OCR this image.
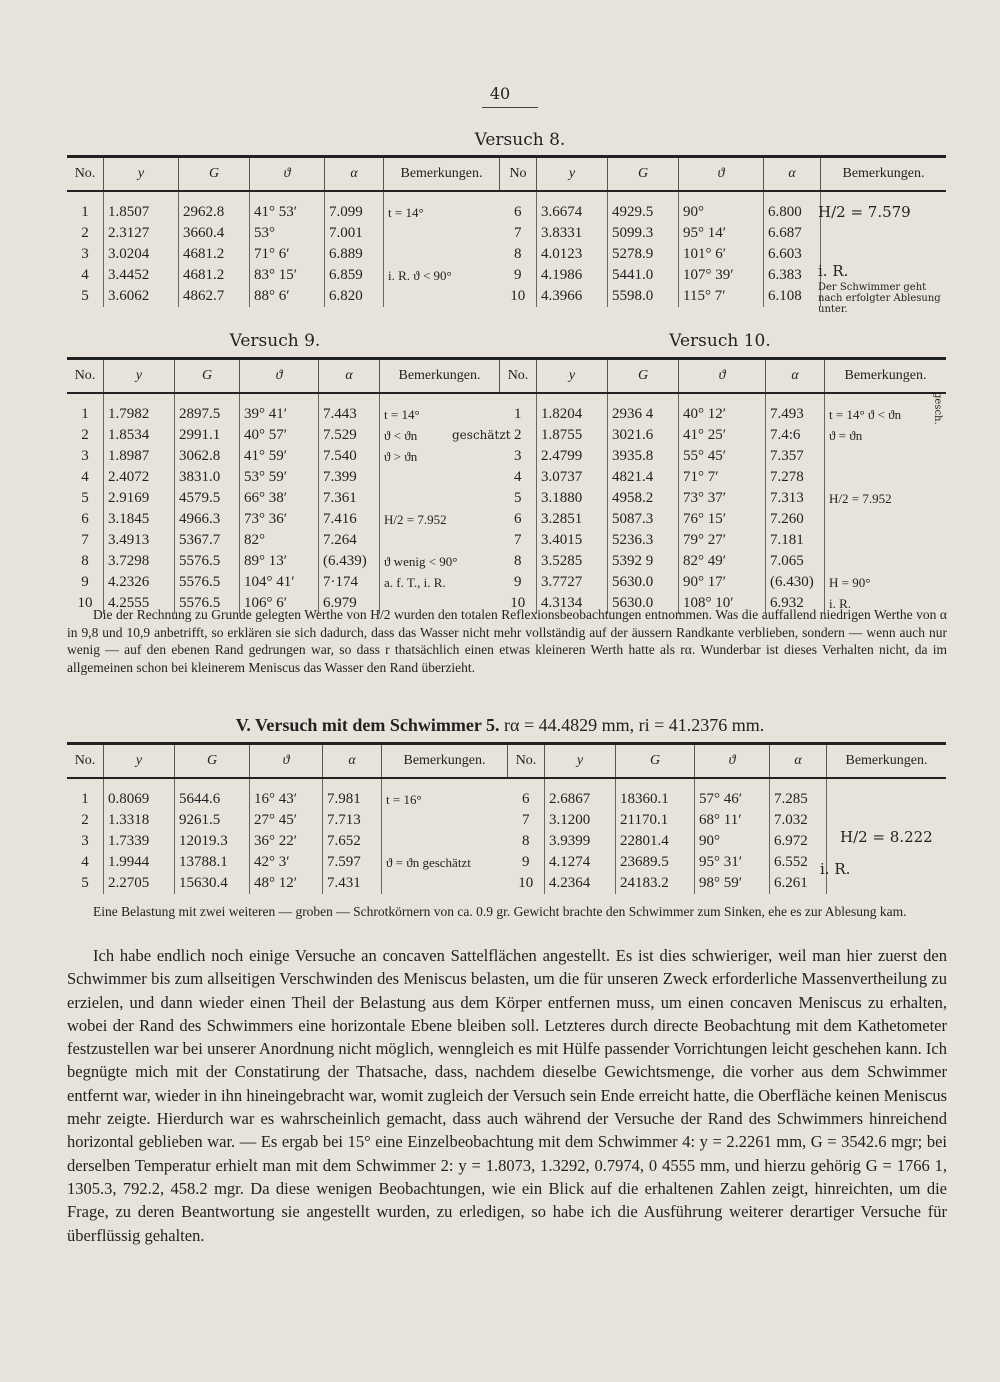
40
Versuch 8.
No.	y	G	ϑ	α	Bemerkungen.

1	1.8507	2962.8	41° 53′	7.099	t = 14°
2	2.3127	3660.4	53°	7.001	
3	3.0204	4681.2	71° 6′	6.889	
4	3.4452	4681.2	83° 15′	6.859	i. R. ϑ < 90°
5	3.6062	4862.7	88° 6′	6.820	
No	y	G	ϑ	α	Bemerkungen.

6	3.6674	4929.5	90°	6.800	
7	3.8331	5099.3	95° 14′	6.687	
8	4.0123	5278.9	101° 6′	6.603	
9	4.1986	5441.0	107° 39′	6.383	
10	4.3966	5598.0	115° 7′	6.108	
H/2 = 7.579
i. R.
Der Schwimmer geht nach erfolgter Ablesung unter.
Versuch 9.	Versuch 10.
No.	y	G	ϑ	α	Bemerkungen.

1	1.7982	2897.5	39° 41′	7.443	t = 14°
2	1.8534	2991.1	40° 57′	7.529	ϑ < ϑn
3	1.8987	3062.8	41° 59′	7.540	ϑ > ϑn
4	2.4072	3831.0	53° 59′	7.399	
5	2.9169	4579.5	66° 38′	7.361	
6	3.1845	4966.3	73° 36′	7.416	H/2 = 7.952
7	3.4913	5367.7	82°	7.264	
8	3.7298	5576.5	89° 13′	(6.439)	ϑ wenig < 90°
9	4.2326	5576.5	104° 41′	7·174	a. f. T., i. R.
10	4.2555	5576.5	106° 6′	6.979	
geschätzt
No.	y	G	ϑ	α	Bemerkungen.

1	1.8204	2936 4	40° 12′	7.493	t = 14° ϑ < ϑn
2	1.8755	3021.6	41° 25′	7.4:6	ϑ = ϑn
3	2.4799	3935.8	55° 45′	7.357	
4	3.0737	4821.4	71° 7′	7.278	
5	3.1880	4958.2	73° 37′	7.313	H/2 = 7.952
6	3.2851	5087.3	76° 15′	7.260	
7	3.4015	5236.3	79° 27′	7.181	
8	3.5285	5392 9	82° 49′	7.065	
9	3.7727	5630.0	90° 17′	(6.430)	H = 90°
10	4.3134	5630.0	108° 10′	6.932	i. R.
gesch.

Die der Rechnung zu Grunde gelegten Werthe von H/2 wurden den totalen Reflexionsbeobachtungen entnommen. Was die auffallend niedrigen Werthe von α in 9,8 und 10,9 anbetrifft, so erklären sie sich dadurch, dass das Wasser nicht mehr vollständig auf der äussern Randkante verblieben, sondern — wenn auch nur wenig — auf den ebenen Rand gedrungen war, so dass r thatsächlich einen etwas kleineren Werth hatte als rα. Wunderbar ist dieses Verhalten nicht, da im allgemeinen schon bei kleinerem Meniscus das Wasser den Rand überzieht.

V. Versuch mit dem Schwimmer 5. rα = 44.4829 mm, ri = 41.2376 mm.
No.	y	G	ϑ	α	Bemerkungen.

1	0.8069	5644.6	16° 43′	7.981	t = 16°
2	1.3318	9261.5	27° 45′	7.713	
3	1.7339	12019.3	36° 22′	7.652	
4	1.9944	13788.1	42° 3′	7.597	ϑ = ϑn geschätzt
5	2.2705	15630.4	48° 12′	7.431	
No.	y	G	ϑ	α	Bemerkungen.

6	2.6867	18360.1	57° 46′	7.285	
7	3.1200	21170.1	68° 11′	7.032	
8	3.9399	22801.4	90°	6.972	
9	4.1274	23689.5	95° 31′	6.552	
10	4.2364	24183.2	98° 59′	6.261	
H/2 = 8.222
i. R.

Eine Belastung mit zwei weiteren — groben — Schrotkörnern von ca. 0.9 gr. Gewicht brachte den Schwimmer zum Sinken, ehe es zur Ablesung kam.

Ich habe endlich noch einige Versuche an concaven Sattelflächen angestellt. Es ist dies schwieriger, weil man hier zuerst den Schwimmer bis zum allseitigen Verschwinden des Meniscus belasten, um die für unseren Zweck erforderliche Massenvertheilung zu erzielen, und dann wieder einen Theil der Belastung aus dem Körper entfernen muss, um einen concaven Meniscus zu erhalten, wobei der Rand des Schwimmers eine horizontale Ebene bleiben soll. Letzteres durch directe Beobachtung mit dem Kathetometer festzustellen war bei unserer Anordnung nicht möglich, wenngleich es mit Hülfe passender Vorrichtungen leicht geschehen kann. Ich begnügte mich mit der Constatirung der Thatsache, dass, nachdem dieselbe Gewichtsmenge, die vorher aus dem Schwimmer entfernt war, wieder in ihn hineingebracht war, womit zugleich der Versuch sein Ende erreicht hatte, die Oberfläche keinen Meniscus mehr zeigte. Hierdurch war es wahrscheinlich gemacht, dass auch während der Versuche der Rand des Schwimmers hinreichend horizontal geblieben war. — Es ergab bei 15° eine Einzelbeobachtung mit dem Schwimmer 4: y = 2.2261 mm, G = 3542.6 mgr; bei derselben Temperatur erhielt man mit dem Schwimmer 2: y = 1.8073, 1.3292, 0.7974, 0 4555 mm, und hierzu gehörig G = 1766 1, 1305.3, 792.2, 458.2 mgr. Da diese wenigen Beobachtungen, wie ein Blick auf die erhaltenen Zahlen zeigt, hinreichten, um die Frage, zu deren Beantwortung sie angestellt wurden, zu erledigen, so habe ich die Ausführung weiterer derartiger Versuche für überflüssig gehalten.
